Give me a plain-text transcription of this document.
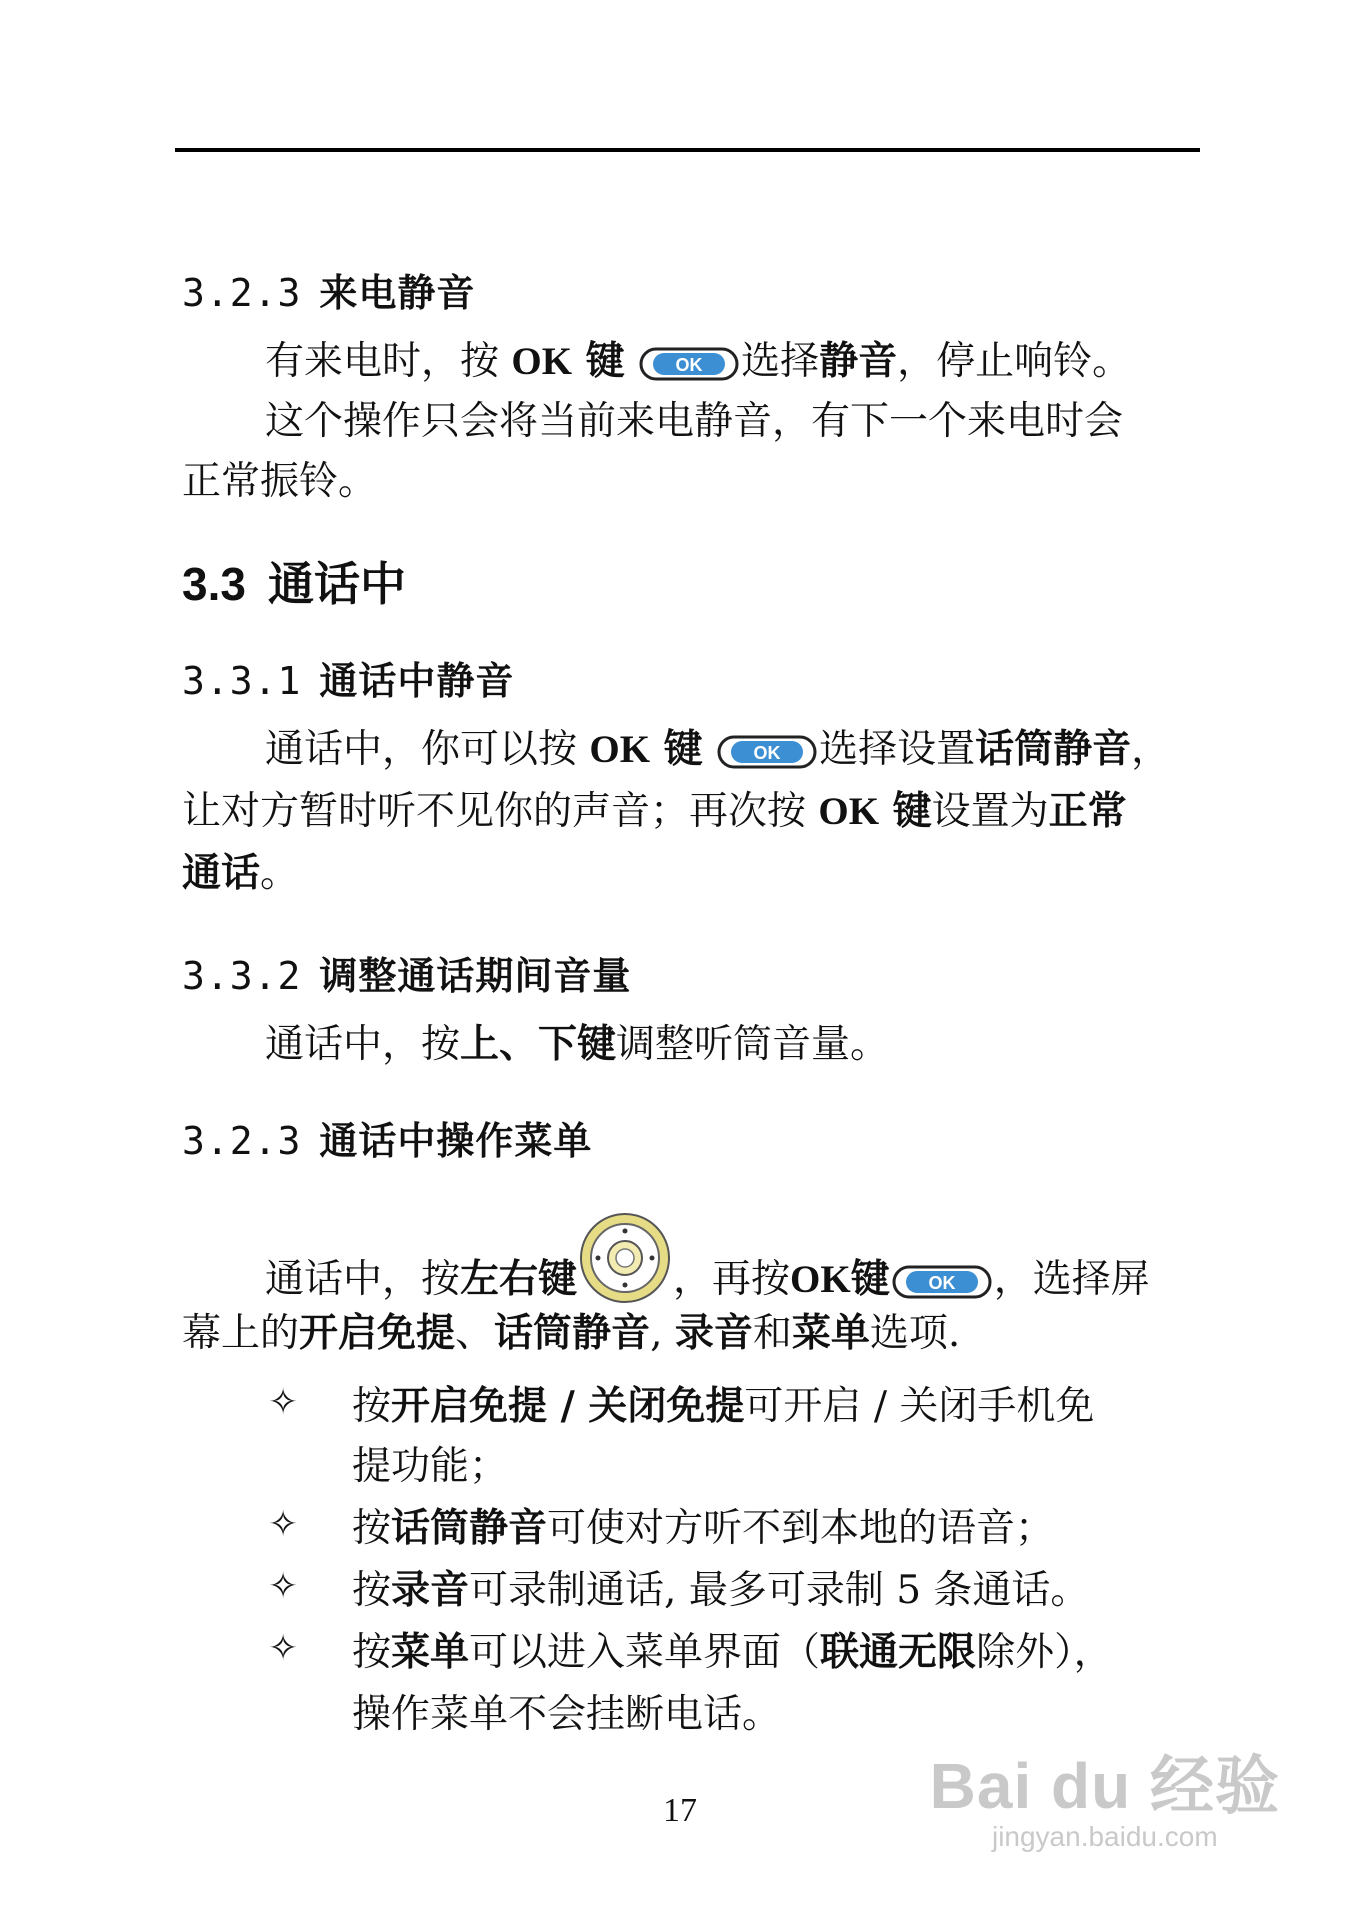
3.2.3 来电静音
有来电时，按 OK 键	OK 选择静音，停止响铃。
这个操作只会将当前来电静音，有下一个来电时会
正常振铃。
3.3 通话中
3.3.1 通话中静音
通话中，你可以按 OK 键	OK 选择设置话筒静音，
让对方暂时听不见你的声音；再次按 OK 键设置为正常
通话。
3.3.2 调整通话期间音量
通话中，按上、下键调整听筒音量。
3.2.3 通话中操作菜单
通话中，按左右键 ，再按OK键 OK ，选择屏
幕上的开启免提、话筒静音, 录音和菜单选项.
✧ 按开启免提 / 关闭免提可开启 / 关闭手机免
提功能；
✧ 按话筒静音可使对方听不到本地的语音；
✧ 按录音可录制通话, 最多可录制 5 条通话。
✧ 按菜单可以进入菜单界面（联通无限除外），
操作菜单不会挂断电话。
17	Bai du 经验
jingyan.baidu.com
